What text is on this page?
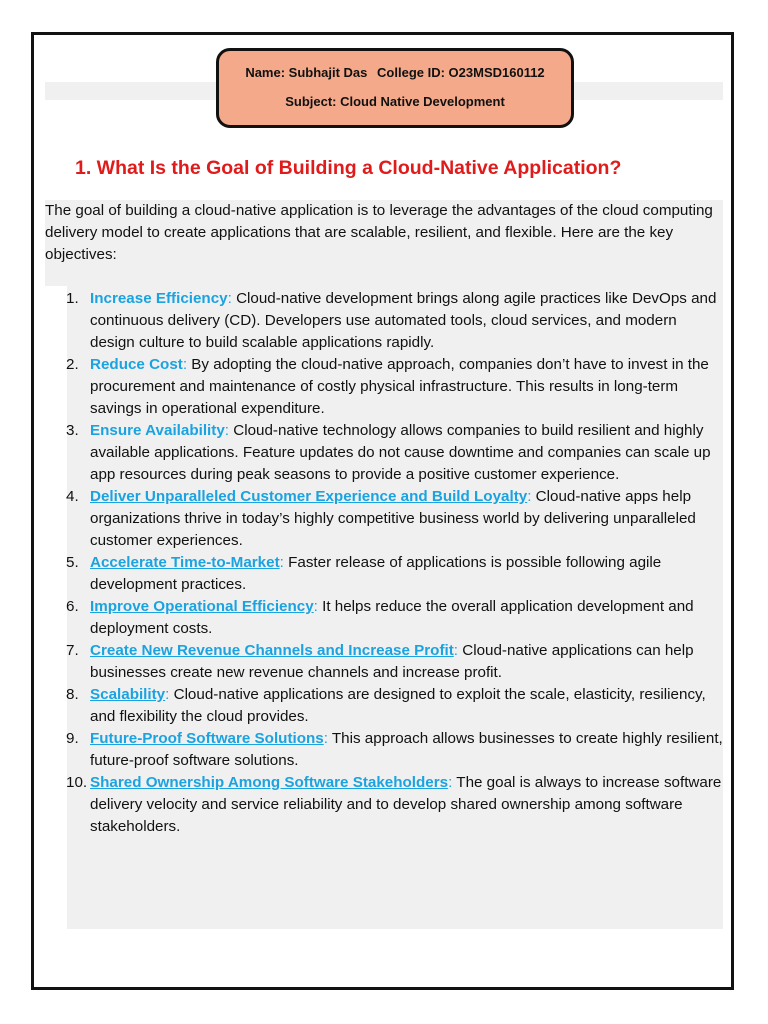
Name: Subhajit Das College ID: O23MSD160112
Subject: Cloud Native Development
1. What Is the Goal of Building a Cloud-Native Application?

The goal of building a cloud-native application is to leverage the advantages of the cloud computing delivery model to create applications that are scalable, resilient, and flexible. Here are the key objectives:

1. Increase Efficiency: Cloud-native development brings along agile practices like DevOps and continuous delivery (CD). Developers use automated tools, cloud services, and modern design culture to build scalable applications rapidly.
2. Reduce Cost: By adopting the cloud-native approach, companies don’t have to invest in the procurement and maintenance of costly physical infrastructure. This results in long-term savings in operational expenditure.
3. Ensure Availability: Cloud-native technology allows companies to build resilient and highly available applications. Feature updates do not cause downtime and companies can scale up app resources during peak seasons to provide a positive customer experience.
4. Deliver Unparalleled Customer Experience and Build Loyalty: Cloud-native apps help organizations thrive in today’s highly competitive business world by delivering unparalleled customer experiences.
5. Accelerate Time-to-Market: Faster release of applications is possible following agile development practices.
6. Improve Operational Efficiency: It helps reduce the overall application development and deployment costs.
7. Create New Revenue Channels and Increase Profit: Cloud-native applications can help businesses create new revenue channels and increase profit.
8. Scalability: Cloud-native applications are designed to exploit the scale, elasticity, resiliency, and flexibility the cloud provides.
9. Future-Proof Software Solutions: This approach allows businesses to create highly resilient, future-proof software solutions.
10. Shared Ownership Among Software Stakeholders: The goal is always to increase software delivery velocity and service reliability and to develop shared ownership among software stakeholders.
